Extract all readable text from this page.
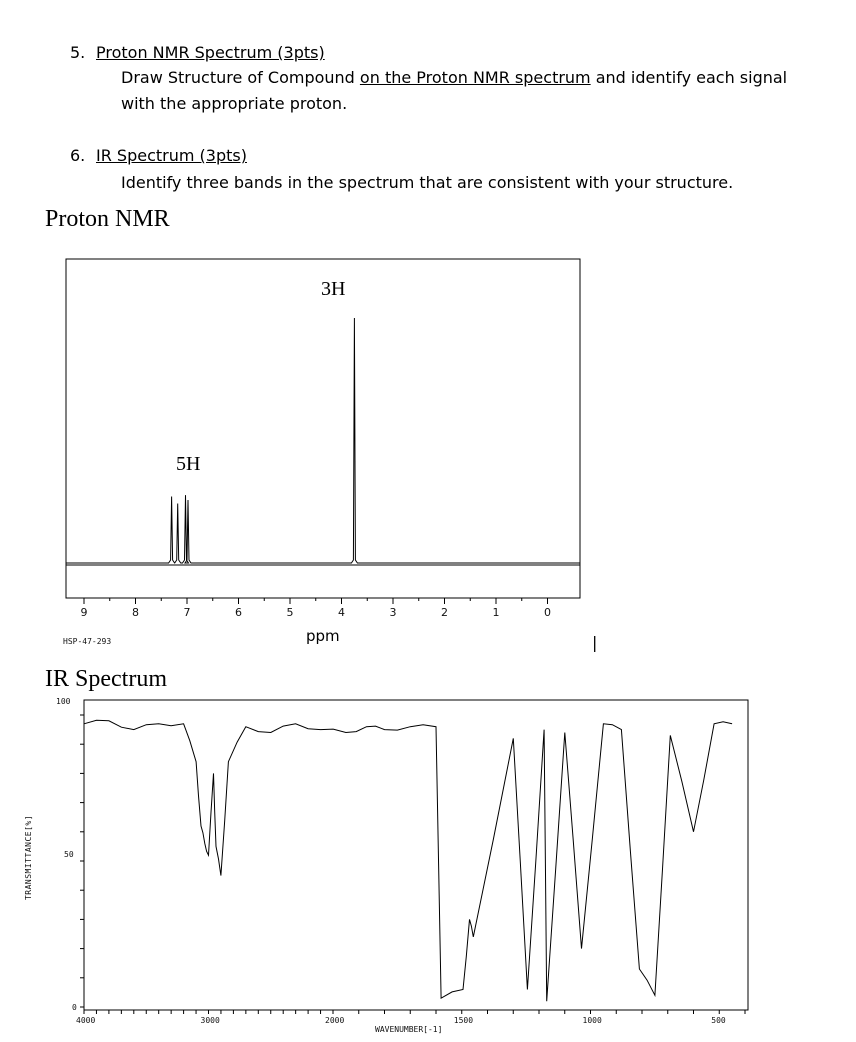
5. Proton NMR Spectrum (3pts)
Draw Structure of Compound on the Proton NMR spectrum and identify each signal
with the appropriate proton.
6. IR Spectrum (3pts)
Identify three bands in the spectrum that are consistent with your structure.
Proton NMR
3H
5H
9	8	7	6	5	4	3	2	1	0
ppm
HSP-47-293	|
IR Spectrum
100
50
0
TRANSMITTANCE[%]
4000	3000	2000	1500	1000	500
WAVENUMBER[-1]
